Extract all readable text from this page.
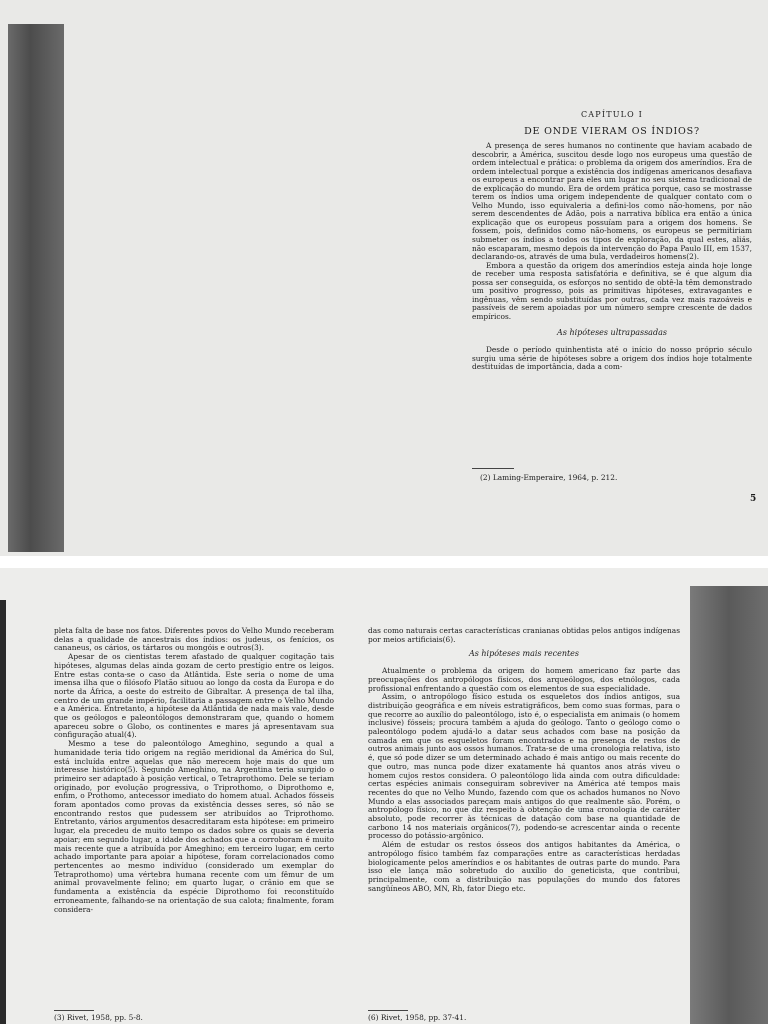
CAPÍTULO I
DE ONDE VIERAM OS ÍNDIOS?

A presença de seres humanos no continente que haviam acabado de descobrir, a América, suscitou desde logo nos europeus uma questão de ordem intelectual e prática: o problema da origem dos ameríndios. Era de ordem intelectual porque a existência dos indígenas americanos desafiava os europeus a encontrar para eles um lugar no seu sistema tradicional de de explicação do mundo. Era de ordem prática porque, caso se mostrasse terem os índios uma origem independente de qualquer contato com o Velho Mundo, isso equivaleria a defini-los como não-homens, por não serem descendentes de Adão, pois a narrativa bíblica era então a única explicação que os europeus possuíam para a origem dos homens. Se fossem, pois, definidos como não-homens, os europeus se permitiriam submeter os índios a todos os tipos de exploração, da qual estes, aliás, não escaparam, mesmo depois da intervenção do Papa Paulo III, em 1537, declarando-os, através de uma bula, verdadeiros homens(2).

Embora a questão da origem dos ameríndios esteja ainda hoje longe de receber uma resposta satisfatória e definitiva, se é que algum dia possa ser conseguida, os esforços no sentido de obtê-la têm demonstrado um positivo progresso, pois as primitivas hipóteses, extravagantes e ingênuas, vêm sendo substituídas por outras, cada vez mais razoáveis e passíveis de serem apoiadas por um número sempre crescente de dados empíricos.

As hipóteses ultrapassadas

Desde o período quinhentista até o início do nosso próprio século surgiu uma série de hipóteses sobre a origem dos índios hoje totalmente destituídas de importância, dada a com-

(2) Laming-Emperaire, 1964, p. 212.
5

pleta falta de base nos fatos. Diferentes povos do Velho Mundo receberam delas a qualidade de ancestrais dos índios: os judeus, os fenícios, os cananeus, os cários, os tártaros ou mongóis e outros(3).

Apesar de os cientistas terem afastado de qualquer cogitação tais hipóteses, algumas delas ainda gozam de certo prestígio entre os leigos. Entre estas conta-se o caso da Atlântida. Este seria o nome de uma imensa ilha que o filósofo Platão situou ao longo da costa da Europa e do norte da África, a oeste do estreito de Gibraltar. A presença de tal ilha, centro de um grande império, facilitaria a passagem entre o Velho Mundo e a América. Entretanto, a hipótese da Atlântida de nada mais vale, desde que os geólogos e paleontólogos demonstraram que, quando o homem apareceu sobre o Globo, os continentes e mares já apresentavam sua configuração atual(4).

Mesmo a tese do paleontólogo Ameghino, segundo a qual a humanidade teria tido origem na região meridional da América do Sul, está incluída entre aquelas que não merecem hoje mais do que um interesse histórico(5). Segundo Ameghino, na Argentina teria surgido o primeiro ser adaptado à posição vertical, o Tetraprothomo. Dele se teriam originado, por evolução progressiva, o Triprothomo, o Diprothomo e, enfim, o Prothomo, antecessor imediato do homem atual. Achados fósseis foram apontados como provas da existência desses seres, só não se encontrando restos que pudessem ser atribuídos ao Triprothomo. Entretanto, vários argumentos desacreditaram esta hipótese: em primeiro lugar, ela precedeu de muito tempo os dados sobre os quais se deveria apoiar; em segundo lugar, a idade dos achados que a corroboram é muito mais recente que a atribuída por Ameghino; em terceiro lugar, em certo achado importante para apoiar a hipótese, foram correlacionados como pertencentes ao mesmo indivíduo (considerado um exemplar do Tetraprothomo) uma vértebra humana recente com um fêmur de um animal provavelmente felino; em quarto lugar, o crânio em que se fundamenta a existência da espécie Diprothomo foi reconstituído erroneamente, falhando-se na orientação de sua calota; finalmente, foram considera-

(3) Rivet, 1958, pp. 5-8.

das como naturais certas características cranianas obtidas pelos antigos indígenas por meios artificiais(6).

As hipóteses mais recentes

Atualmente o problema da origem do homem americano faz parte das preocupações dos antropólogos físicos, dos arqueólogos, dos etnólogos, cada profissional enfrentando a questão com os elementos de sua especialidade.

Assim, o antropólogo físico estuda os esqueletos dos índios antigos, sua distribuição geográfica e em níveis estratigráficos, bem como suas formas, para o que recorre ao auxílio do paleontólogo, isto é, o especialista em animais (o homem inclusive) fósseis; procura também a ajuda do geólogo. Tanto o geólogo como o paleontólogo podem ajudá-lo a datar seus achados com base na posição da camada em que os esqueletos foram encontrados e na presença de restos de outros animais junto aos ossos humanos. Trata-se de uma cronologia relativa, isto é, que só pode dizer se um determinado achado é mais antigo ou mais recente do que outro, mas nunca pode dizer exatamente há quantos anos atrás viveu o homem cujos restos considera. O paleontólogo lida ainda com outra dificuldade: certas espécies animais conseguiram sobreviver na América até tempos mais recentes do que no Velho Mundo, fazendo com que os achados humanos no Novo Mundo a elas associados pareçam mais antigos do que realmente são. Porém, o antropólogo físico, no que diz respeito à obtenção de uma cronologia de caráter absoluto, pode recorrer às técnicas de datação com base na quantidade de carbono 14 nos materiais orgânicos(7), podendo-se acrescentar ainda o recente processo do potássio-argônico.

Além de estudar os restos ósseos dos antigos habitantes da América, o antropólogo físico também faz comparações entre as características herdadas biologicamente pelos ameríndios e os habitantes de outras parte do mundo. Para isso ele lança mão sobretudo do auxílio do geneticista, que contribui, principalmente, com a distribuição nas populações do mundo dos fatores sangüíneos ABO, MN, Rh, fator Diego etc.

(6) Rivet, 1958, pp. 37-41.
